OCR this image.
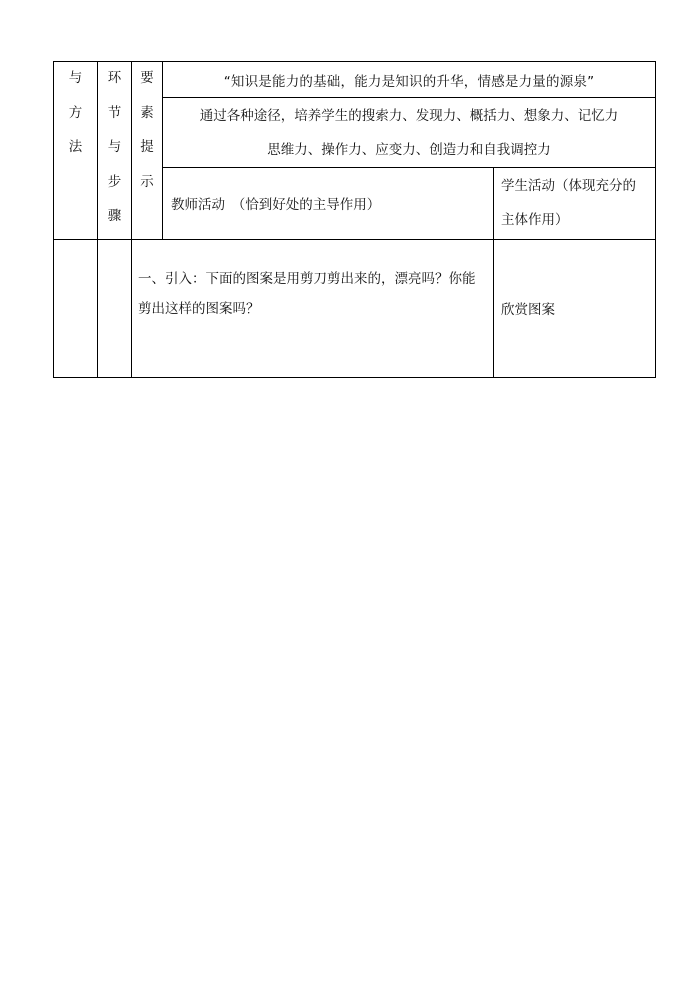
与
方
法	环
节
与
步
骤	要
素
提
示	“知识是能力的基础，能力是知识的升华，情感是力量的源泉”	

			通过各种途径，培养学生的搜索力、发现力、概括力、想象力、记忆力
思维力、操作力、应变力、创造力和自我调控力	

			教师活动　（恰到好处的主导作用）	学生活动（体现充分的
主体作用）

		一、引入：下面的图案是用剪刀剪出来的，漂亮吗？你能
剪出这样的图案吗？		欣赏图案
